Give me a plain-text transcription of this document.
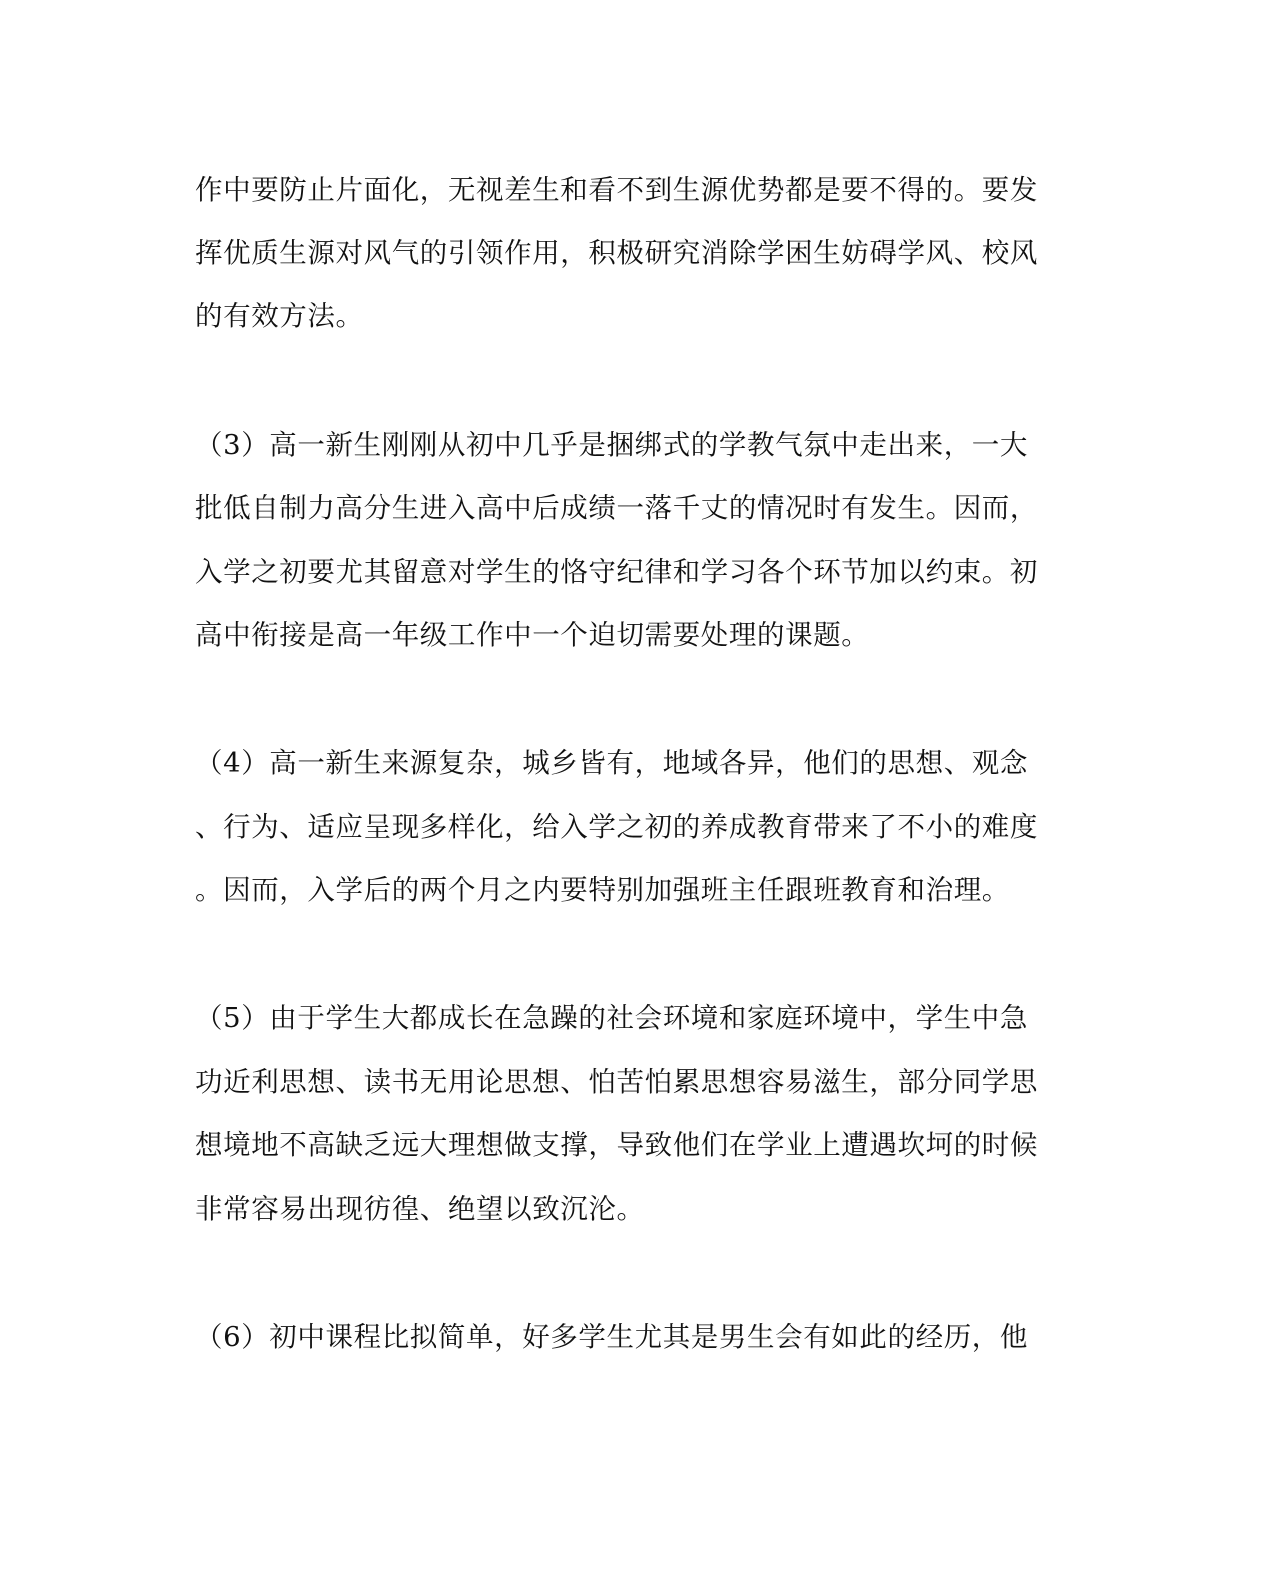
作中要防止片面化，无视差生和看不到生源优势都是要不得的。要发
挥优质生源对风气的引领作用，积极研究消除学困生妨碍学风、校风
的有效方法。
（3）高一新生刚刚从初中几乎是捆绑式的学教气氛中走出来，一大
批低自制力高分生进入高中后成绩一落千丈的情况时有发生。因而，
入学之初要尤其留意对学生的恪守纪律和学习各个环节加以约束。初
高中衔接是高一年级工作中一个迫切需要处理的课题。
（4）高一新生来源复杂，城乡皆有，地域各异，他们的思想、观念
、行为、适应呈现多样化，给入学之初的养成教育带来了不小的难度
。因而，入学后的两个月之内要特别加强班主任跟班教育和治理。
（5）由于学生大都成长在急躁的社会环境和家庭环境中，学生中急
功近利思想、读书无用论思想、怕苦怕累思想容易滋生，部分同学思
想境地不高缺乏远大理想做支撑，导致他们在学业上遭遇坎坷的时候
非常容易出现彷徨、绝望以致沉沦。
（6）初中课程比拟简单，好多学生尤其是男生会有如此的经历，他
